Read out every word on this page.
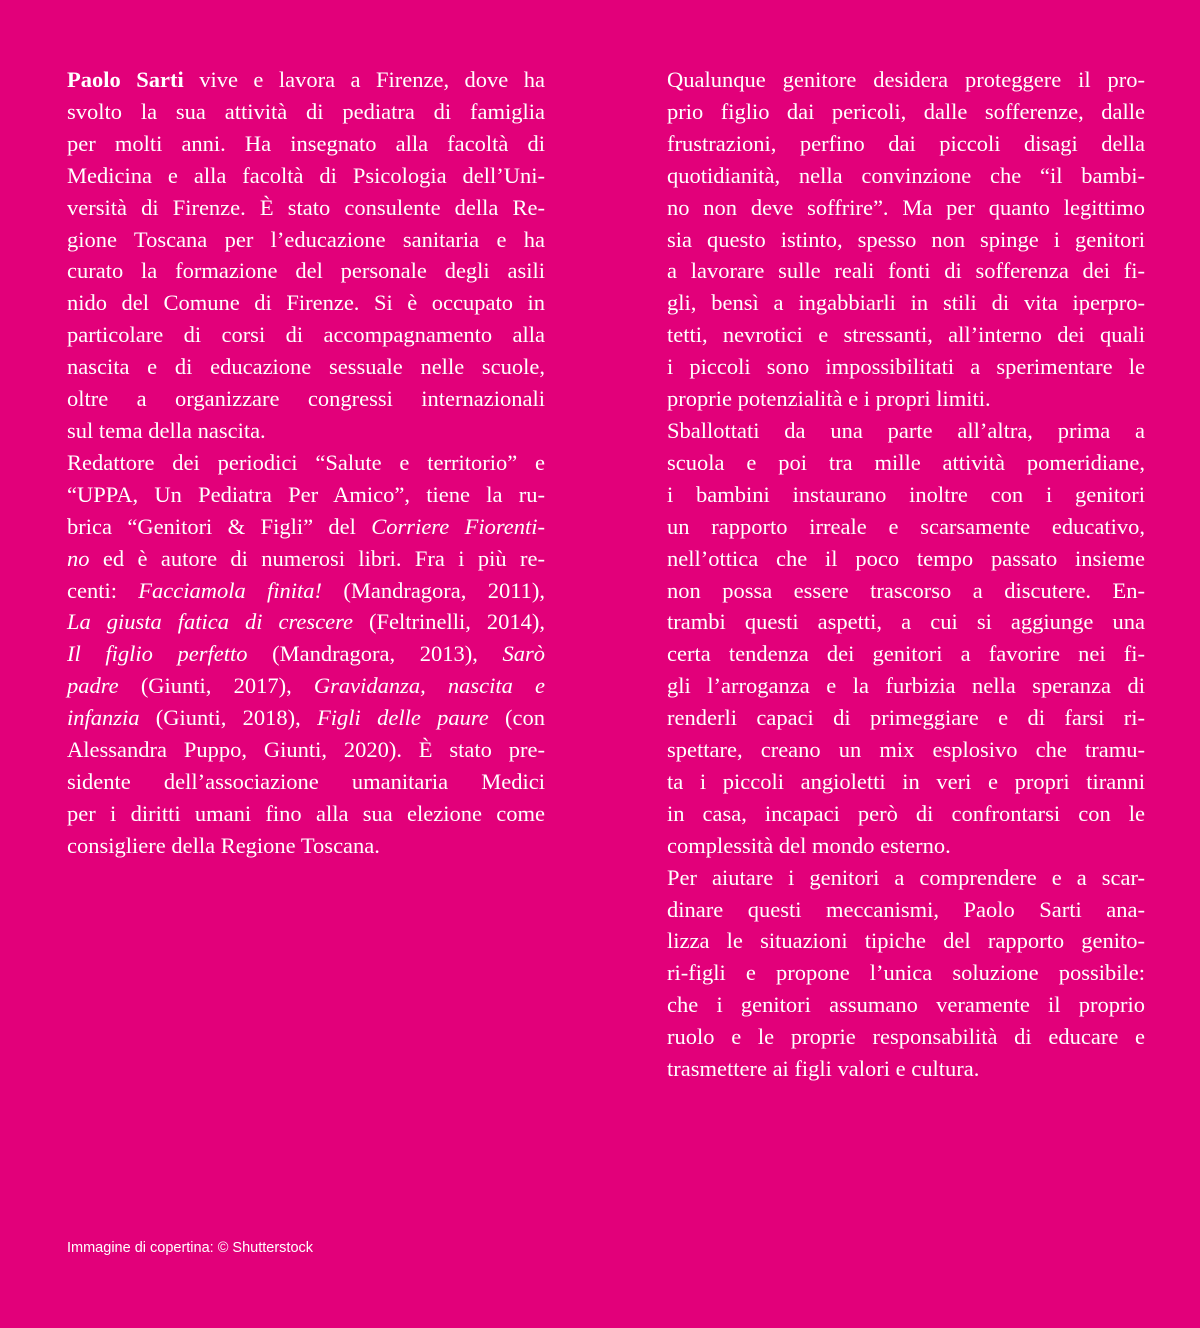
Paolo Sarti vive e lavora a Firenze, dove ha
svolto la sua attività di pediatra di famiglia
per molti anni. Ha insegnato alla facoltà di
Medicina e alla facoltà di Psicologia dell’Uni-
versità di Firenze. È stato consulente della Re-
gione Toscana per l’educazione sanitaria e ha
curato la formazione del personale degli asili
nido del Comune di Firenze. Si è occupato in
particolare di corsi di accompagnamento alla
nascita e di educazione sessuale nelle scuole,
oltre a organizzare congressi internazionali
sul tema della nascita.
Redattore dei periodici “Salute e territorio” e
“UPPA, Un Pediatra Per Amico”, tiene la ru-
brica “Genitori & Figli” del Corriere Fiorenti-
no ed è autore di numerosi libri. Fra i più re-
centi: Facciamola finita! (Mandragora, 2011),
La giusta fatica di crescere (Feltrinelli, 2014),
Il figlio perfetto (Mandragora, 2013), Sarò
padre (Giunti, 2017), Gravidanza, nascita e
infanzia (Giunti, 2018), Figli delle paure (con
Alessandra Puppo, Giunti, 2020). È stato pre-
sidente dell’associazione umanitaria Medici
per i diritti umani fino alla sua elezione come
consigliere della Regione Toscana.
Qualunque genitore desidera proteggere il pro-
prio figlio dai pericoli, dalle sofferenze, dalle
frustrazioni, perfino dai piccoli disagi della
quotidianità, nella convinzione che “il bambi-
no non deve soffrire”. Ma per quanto legittimo
sia questo istinto, spesso non spinge i genitori
a lavorare sulle reali fonti di sofferenza dei fi-
gli, bensì a ingabbiarli in stili di vita iperpro-
tetti, nevrotici e stressanti, all’interno dei quali
i piccoli sono impossibilitati a sperimentare le
proprie potenzialità e i propri limiti.
Sballottati da una parte all’altra, prima a
scuola e poi tra mille attività pomeridiane,
i bambini instaurano inoltre con i genitori
un rapporto irreale e scarsamente educativo,
nell’ottica che il poco tempo passato insieme
non possa essere trascorso a discutere. En-
trambi questi aspetti, a cui si aggiunge una
certa tendenza dei genitori a favorire nei fi-
gli l’arroganza e la furbizia nella speranza di
renderli capaci di primeggiare e di farsi ri-
spettare, creano un mix esplosivo che tramu-
ta i piccoli angioletti in veri e propri tiranni
in casa, incapaci però di confrontarsi con le
complessità del mondo esterno.
Per aiutare i genitori a comprendere e a scar-
dinare questi meccanismi, Paolo Sarti ana-
lizza le situazioni tipiche del rapporto genito-
ri-figli e propone l’unica soluzione possibile:
che i genitori assumano veramente il proprio
ruolo e le proprie responsabilità di educare e
trasmettere ai figli valori e cultura.
Immagine di copertina: © Shutterstock
